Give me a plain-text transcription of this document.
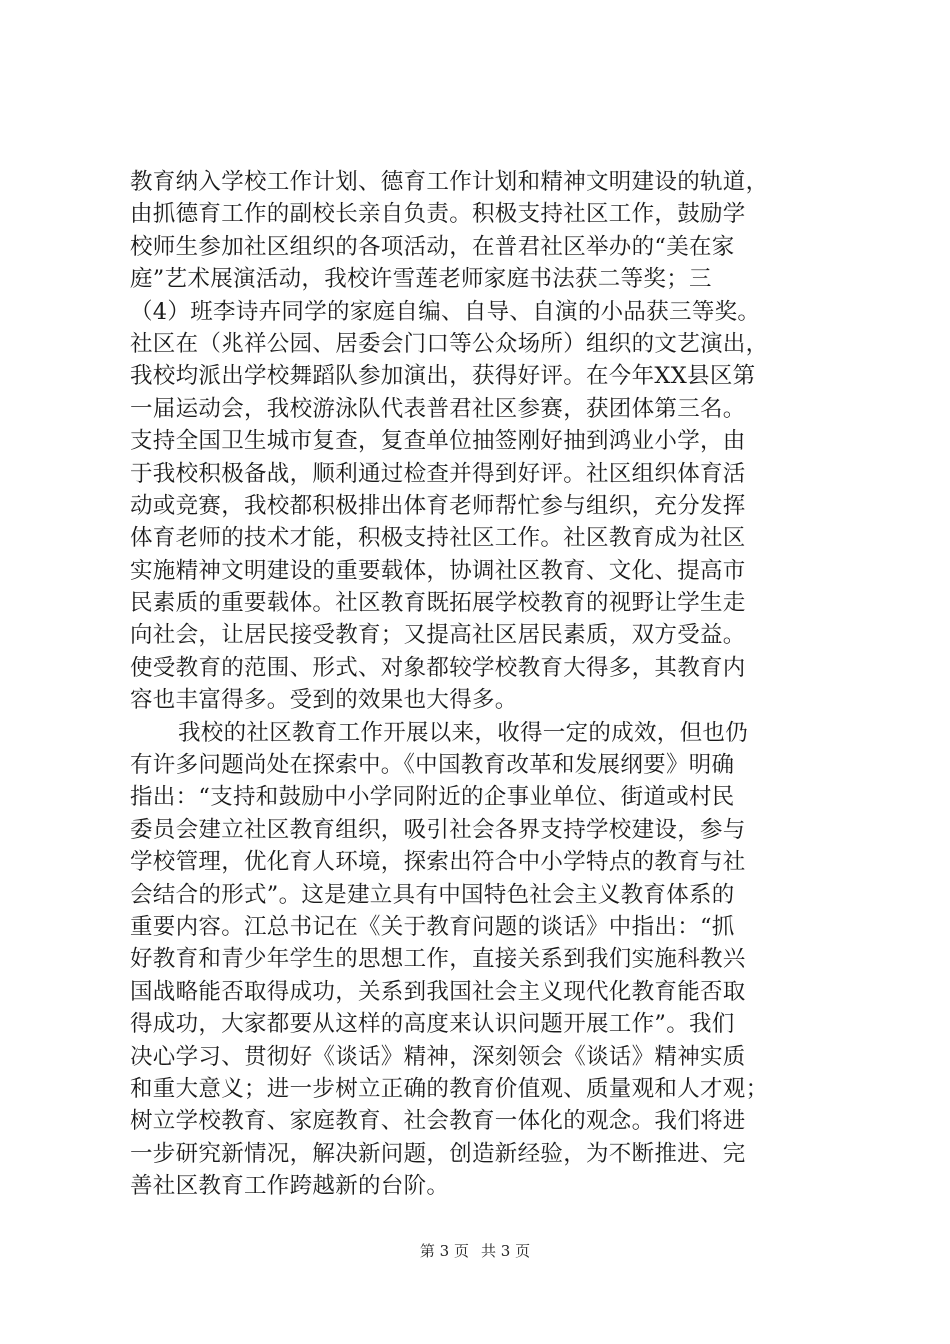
教育纳入学校工作计划、德育工作计划和精神文明建设的轨道，
由抓德育工作的副校长亲自负责。积极支持社区工作，鼓励学
校师生参加社区组织的各项活动，在普君社区举办的“美在家
庭”艺术展演活动，我校许雪莲老师家庭书法获二等奖；三
（4）班李诗卉同学的家庭自编、自导、自演的小品获三等奖。
社区在（兆祥公园、居委会门口等公众场所）组织的文艺演出，
我校均派出学校舞蹈队参加演出，获得好评。在今年XX县区第
一届运动会，我校游泳队代表普君社区参赛，获团体第三名。
支持全国卫生城市复查，复查单位抽签刚好抽到鸿业小学，由
于我校积极备战，顺利通过检查并得到好评。社区组织体育活
动或竞赛，我校都积极排出体育老师帮忙参与组织，充分发挥
体育老师的技术才能，积极支持社区工作。社区教育成为社区
实施精神文明建设的重要载体，协调社区教育、文化、提高市
民素质的重要载体。社区教育既拓展学校教育的视野让学生走
向社会，让居民接受教育；又提高社区居民素质，双方受益。
使受教育的范围、形式、对象都较学校教育大得多，其教育内
容也丰富得多。受到的效果也大得多。
我校的社区教育工作开展以来，收得一定的成效，但也仍
有许多问题尚处在探索中。《中国教育改革和发展纲要》明确
指出：“支持和鼓励中小学同附近的企事业单位、街道或村民
委员会建立社区教育组织，吸引社会各界支持学校建设，参与
学校管理，优化育人环境，探索出符合中小学特点的教育与社
会结合的形式”。这是建立具有中国特色社会主义教育体系的
重要内容。江总书记在《关于教育问题的谈话》中指出：“抓
好教育和青少年学生的思想工作，直接关系到我们实施科教兴
国战略能否取得成功，关系到我国社会主义现代化教育能否取
得成功，大家都要从这样的高度来认识问题开展工作”。我们
决心学习、贯彻好《谈话》精神，深刻领会《谈话》精神实质
和重大意义；进一步树立正确的教育价值观、质量观和人才观；
树立学校教育、家庭教育、社会教育一体化的观念。我们将进
一步研究新情况，解决新问题，创造新经验，为不断推进、完
善社区教育工作跨越新的台阶。
第 3 页 共 3 页
